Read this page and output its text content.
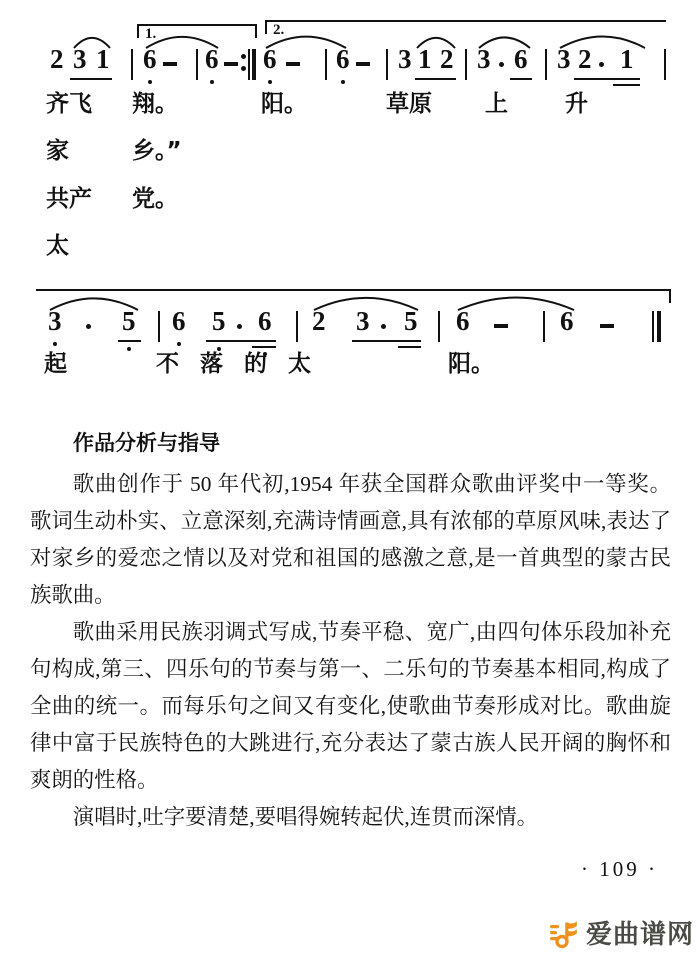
2 3 1 6 6 6 6 3 1 2 3 6 3 2 1
1.	2.
齐飞 翔。	阳。	草原 上 升
3 5 6 5 6 2 3 5 6	6
起	不 落 的 太	阳。
家	乡。”
共产 党。
太
作品分析与指导

歌曲创作于 50 年代初,1954 年获全国群众歌曲评奖中一等奖。歌词生动朴实、立意深刻,充满诗情画意,具有浓郁的草原风味,表达了对家乡的爱恋之情以及对党和祖国的感激之意,是一首典型的蒙古民族歌曲。

歌曲采用民族羽调式写成,节奏平稳、宽广,由四句体乐段加补充句构成,第三、四乐句的节奏与第一、二乐句的节奏基本相同,构成了全曲的统一。而每乐句之间又有变化,使歌曲节奏形成对比。歌曲旋律中富于民族特色的大跳进行,充分表达了蒙古族人民开阔的胸怀和爽朗的性格。

演唱时,吐字要清楚,要唱得婉转起伏,连贯而深情。

· 109 ·
爱曲谱网
